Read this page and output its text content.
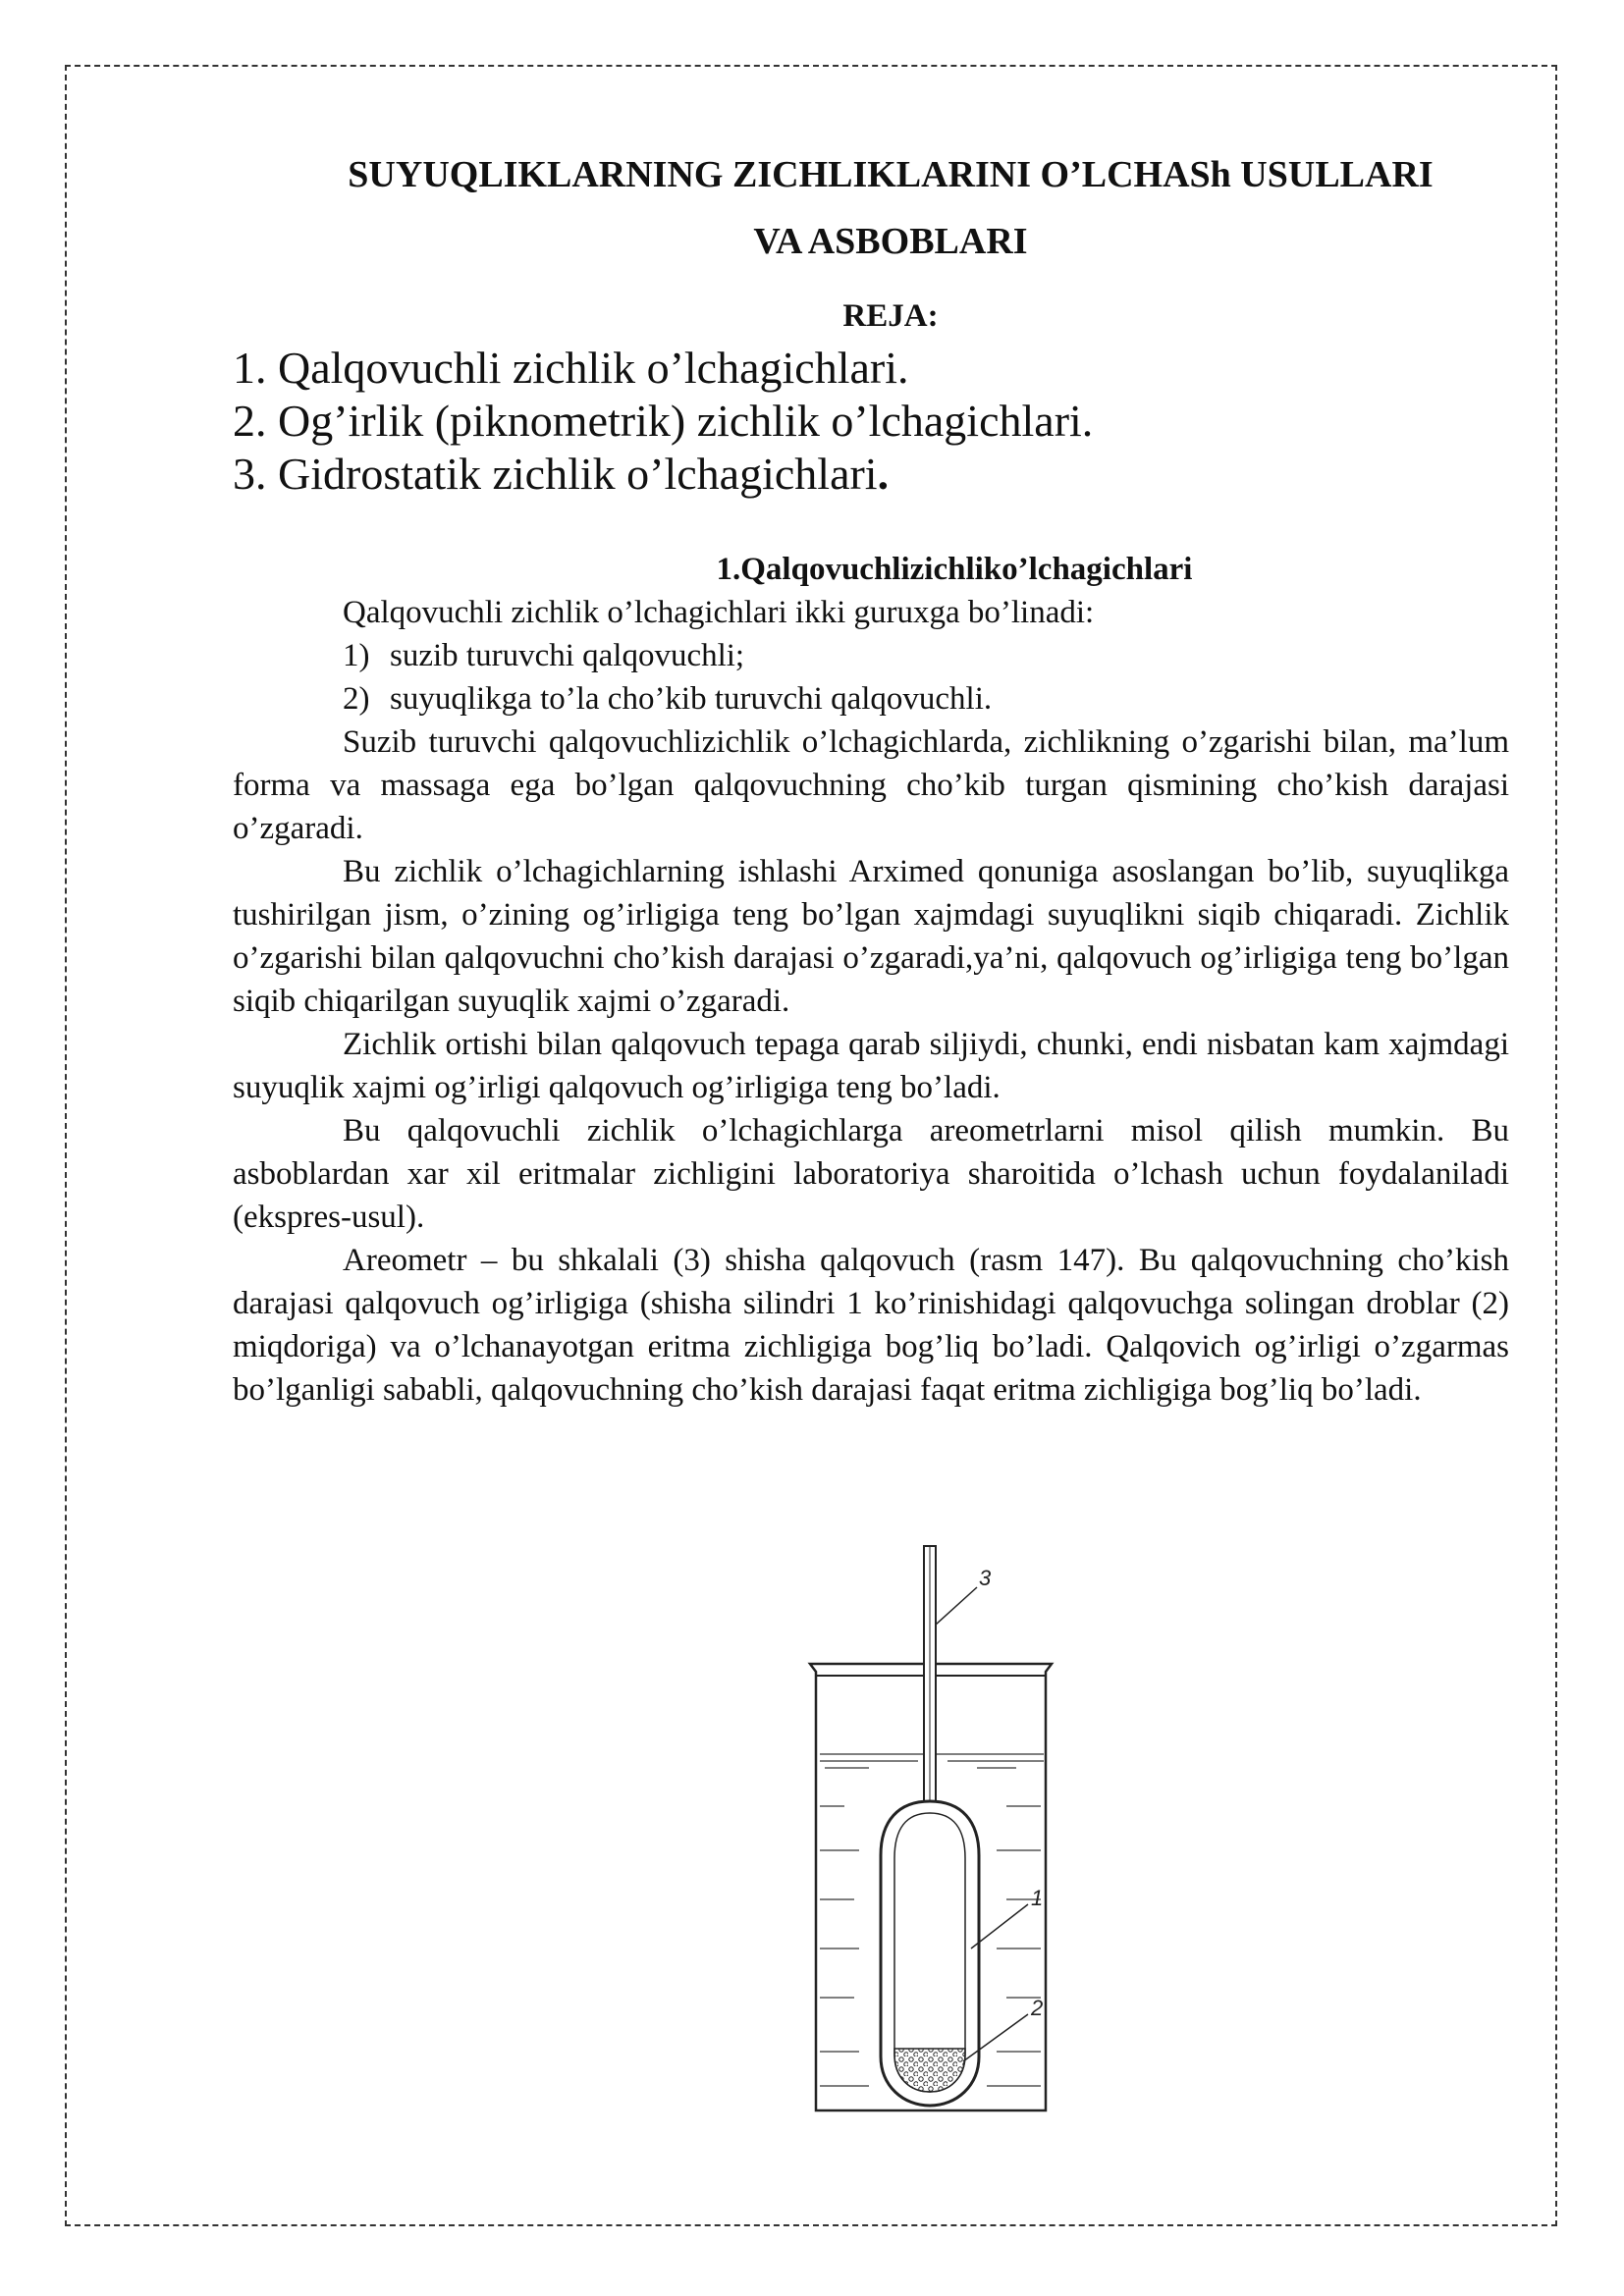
SUYUQLIKLARNING ZICHLIKLARINI O’LCHASh USULLARI
VA ASBOBLARI
REJA:
1. Qalqovuchli zichlik o’lchagichlari.
2. Og’irlik (piknometrik) zichlik o’lchagichlari.
3. Gidrostatik zichlik o’lchagichlari.
1.Qalqovuchlizichliko’lchagichlari

Qalqovuchli zichlik o’lchagichlari ikki guruxga bo’linadi:

1) suzib turuvchi qalqovuchli;

2) suyuqlikga to’la cho’kib turuvchi qalqovuchli.

Suzib turuvchi qalqovuchlizichlik o’lchagichlarda, zichlikning o’zgarishi bilan, ma’lum forma va massaga ega bo’lgan qalqovuchning cho’kib turgan qismining cho’kish darajasi o’zgaradi.

Bu zichlik o’lchagichlarning ishlashi Arximed qonuniga asoslangan bo’lib, suyuqlikga tushirilgan jism, o’zining og’irligiga teng bo’lgan xajmdagi suyuqlikni siqib chiqaradi. Zichlik o’zgarishi bilan qalqovuchni cho’kish darajasi o’zgaradi,ya’ni, qalqovuch og’irligiga teng bo’lgan siqib chiqarilgan suyuqlik xajmi o’zgaradi.

Zichlik ortishi bilan qalqovuch tepaga qarab siljiydi, chunki, endi nisbatan kam xajmdagi suyuqlik xajmi og’irligi qalqovuch og’irligiga teng bo’ladi.

Bu qalqovuchli zichlik o’lchagichlarga areometrlarni misol qilish mumkin. Bu asboblardan xar xil eritmalar zichligini laboratoriya sharoitida o’lchash uchun foydalaniladi (ekspres-usul).

Areometr – bu shkalali (3) shisha qalqovuch (rasm 147). Bu qalqovuchning cho’kish darajasi qalqovuch og’irligiga (shisha silindri 1 ko’rinishidagi qalqovuchga solingan droblar (2) miqdoriga) va o’lchanayotgan eritma zichligiga bog’liq bo’ladi. Qalqovich og’irligi o’zgarmas bo’lganligi sababli, qalqovuchning cho’kish darajasi faqat eritma zichligiga bog’liq bo’ladi.

3
1
2
